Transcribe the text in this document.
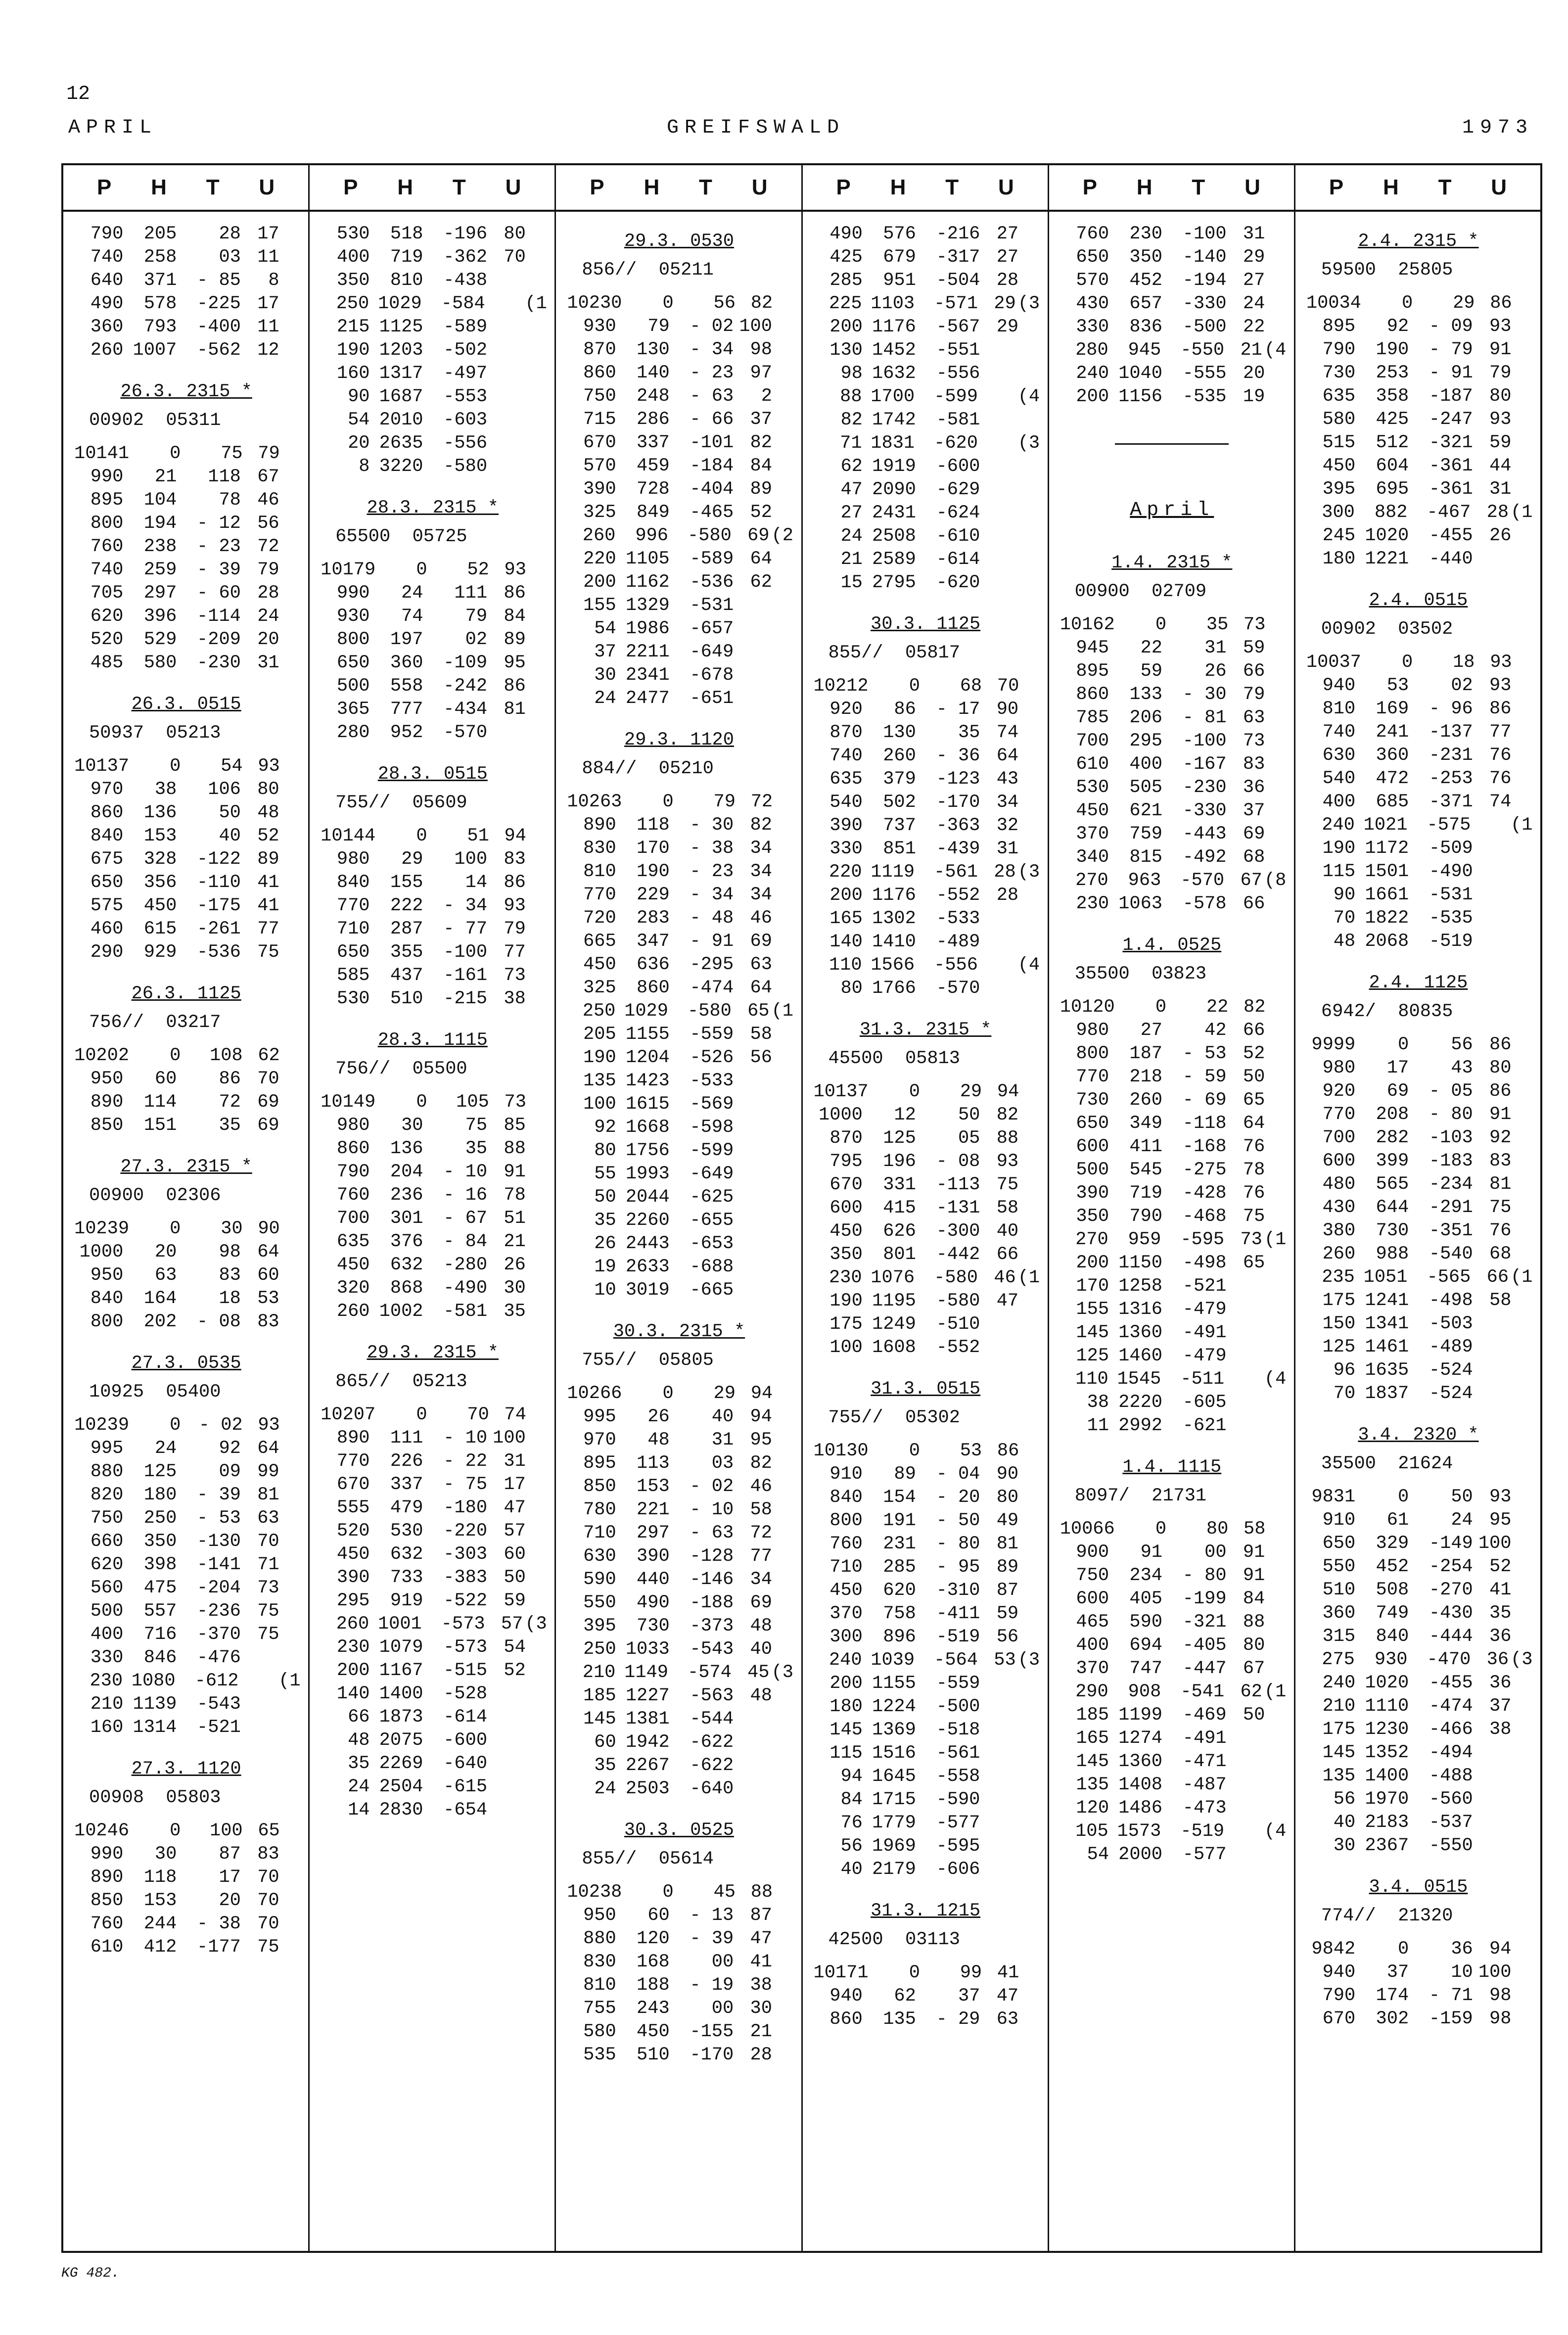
12
APRIL	GREIFSWALD	1973
P H T U
790	205	28 17
740	258	03 11
640	371	- 85	8
490	578	-225 17
360	793	-400 11
260 1007	-562 12
26.3. 2315 *
00902  05311
10141	0	75 79
990	21	118 67
895	104	78 46
800	194	- 12 56
760	238	- 23 72
740	259	- 39 79
705	297	- 60 28
620	396	-114 24
520	529	-209 20
485	580	-230 31
26.3. 0515
50937  05213
10137	0	54 93
970	38	106 80
860	136	50 48
840	153	40 52
675	328	-122 89
650	356	-110 41
575	450	-175 41
460	615	-261 77
290	929	-536 75
26.3. 1125
756//  03217
10202	0	108 62
950	60	86 70
890	114	72 69
850	151	35 69
27.3. 2315 *
00900  02306
10239	0	30 90
1000	20	98 64
950	63	83 60
840	164	18 53
800	202	- 08 83
27.3. 0535
10925  05400
10239	0 - 02 93
995	24	92 64
880	125	09 99
820	180	- 39 81
750	250	- 53 63
660	350	-130 70
620	398	-141 71
560	475	-204 73
500	557	-236 75
400	716	-370 75
330	846	-476
230 1080	-612 (1
210 1139	-543
160 1314	-521
27.3. 1120
00908  05803
10246	0	100 65
990	30	87 83
890	118	17 70
850	153	20 70
760	244	- 38 70
610	412	-177 75
P H T U
530	518	-196 80
400	719	-362 70
350	810	-438
250 1029	-584 (1
215 1125	-589
190 1203	-502
160 1317	-497
90 1687	-553
54 2010	-603
20 2635	-556
8 3220	-580
28.3. 2315 *
65500  05725
10179	0	52 93
990	24	111 86
930	74	79 84
800	197	02 89
650	360	-109 95
500	558	-242 86
365	777	-434 81
280	952	-570
28.3. 0515
755//  05609
10144	0	51 94
980	29	100 83
840	155	14 86
770	222	- 34 93
710	287	- 77 79
650	355	-100 77
585	437	-161 73
530	510	-215 38
28.3. 1115
756//  05500
10149	0	105 73
980	30	75 85
860	136	35 88
790	204	- 10 91
760	236	- 16 78
700	301	- 67 51
635	376	- 84 21
450	632	-280 26
320	868	-490 30
260 1002	-581 35
29.3. 2315 *
865//  05213
10207	0	70 74
890	111	- 10 100
770	226	- 22 31
670	337	- 75 17
555	479	-180 47
520	530	-220 57
450	632	-303 60
390	733	-383 50
295	919	-522 59
260 1001	-573 57 (3
230 1079	-573 54
200 1167	-515 52
140 1400	-528
66 1873	-614
48 2075	-600
35 2269	-640
24 2504	-615
14 2830	-654
P H T U
29.3. 0530
856//  05211
10230	0	56 82
930	79	- 02 100
870	130	- 34 98
860	140	- 23 97
750	248	- 63	2
715	286	- 66 37
670	337	-101 82
570	459	-184 84
390	728	-404 89
325	849	-465 52
260	996	-580 69 (2
220 1105	-589 64
200 1162	-536 62
155 1329	-531
54 1986	-657
37 2211	-649
30 2341	-678
24 2477	-651
29.3. 1120
884//  05210
10263	0	79 72
890	118	- 30 82
830	170	- 38 34
810	190	- 23 34
770	229	- 34 34
720	283	- 48 46
665	347	- 91 69
450	636	-295 63
325	860	-474 64
250 1029	-580 65 (1
205 1155	-559 58
190 1204	-526 56
135 1423	-533
100 1615	-569
92 1668	-598
80 1756	-599
55 1993	-649
50 2044	-625
35 2260	-655
26 2443	-653
19 2633	-688
10 3019	-665
30.3. 2315 *
755//  05805
10266	0	29 94
995	26	40 94
970	48	31 95
895	113	03 82
850	153	- 02 46
780	221	- 10 58
710	297	- 63 72
630	390	-128 77
590	440	-146 34
550	490	-188 69
395	730	-373 48
250 1033	-543 40
210 1149	-574 45 (3
185 1227	-563 48
145 1381	-544
60 1942	-622
35 2267	-622
24 2503	-640
30.3. 0525
855//  05614
10238	0	45 88
950	60	- 13 87
880	120	- 39 47
830	168	00 41
810	188	- 19 38
755	243	00 30
580	450	-155 21
535	510	-170 28
P H T U
490	576	-216 27
425	679	-317 27
285	951	-504 28
225 1103	-571 29 (3
200 1176	-567 29
130 1452	-551
98 1632	-556
88 1700	-599 (4
82 1742	-581
71 1831	-620 (3
62 1919	-600
47 2090	-629
27 2431	-624
24 2508	-610
21 2589	-614
15 2795	-620
30.3. 1125
855//  05817
10212	0	68 70
920	86	- 17 90
870	130	35 74
740	260	- 36 64
635	379	-123 43
540	502	-170 34
390	737	-363 32
330	851	-439 31
220 1119	-561 28 (3
200 1176	-552 28
165 1302	-533
140 1410	-489
110 1566	-556 (4
80 1766	-570
31.3. 2315 *
45500  05813
10137	0	29 94
1000	12	50 82
870	125	05 88
795	196	- 08 93
670	331	-113 75
600	415	-131 58
450	626	-300 40
350	801	-442 66
230 1076	-580 46 (1
190 1195	-580 47
175 1249	-510
100 1608	-552
31.3. 0515
755//  05302
10130	0	53 86
910	89	- 04 90
840	154	- 20 80
800	191	- 50 49
760	231	- 80 81
710	285	- 95 89
450	620	-310 87
370	758	-411 59
300	896	-519 56
240 1039	-564 53 (3
200 1155	-559
180 1224	-500
145 1369	-518
115 1516	-561
94 1645	-558
84 1715	-590
76 1779	-577
56 1969	-595
40 2179	-606
31.3. 1215
42500  03113
10171	0	99 41
940	62	37 47
860	135	- 29 63
P H T U
760	230	-100 31
650	350	-140 29
570	452	-194 27
430	657	-330 24
330	836	-500 22
280	945	-550 21 (4
240 1040	-555 20
200 1156	-535 19
April
1.4. 2315 *
00900  02709
10162	0	35 73
945	22	31 59
895	59	26 66
860	133	- 30 79
785	206	- 81 63
700	295	-100 73
610	400	-167 83
530	505	-230 36
450	621	-330 37
370	759	-443 69
340	815	-492 68
270	963	-570 67 (8
230 1063	-578 66
1.4. 0525
35500  03823
10120	0	22 82
980	27	42 66
800	187	- 53 52
770	218	- 59 50
730	260	- 69 65
650	349	-118 64
600	411	-168 76
500	545	-275 78
390	719	-428 76
350	790	-468 75
270	959	-595 73 (1
200 1150	-498 65
170 1258	-521
155 1316	-479
145 1360	-491
125 1460	-479
110 1545	-511 (4
38 2220	-605
11 2992	-621
1.4. 1115
8097/  21731
10066	0	80 58
900	91	00 91
750	234	- 80 91
600	405	-199 84
465	590	-321 88
400	694	-405 80
370	747	-447 67
290	908	-541 62 (1
185 1199	-469 50
165 1274	-491
145 1360	-471
135 1408	-487
120 1486	-473
105 1573	-519 (4
54 2000	-577
P H T U
2.4. 2315 *
59500  25805
10034	0	29 86
895	92	- 09 93
790	190	- 79 91
730	253	- 91 79
635	358	-187 80
580	425	-247 93
515	512	-321 59
450	604	-361 44
395	695	-361 31
300	882	-467 28 (1
245 1020	-455 26
180 1221	-440
2.4. 0515
00902  03502
10037	0	18 93
940	53	02 93
810	169	- 96 86
740	241	-137 77
630	360	-231 76
540	472	-253 76
400	685	-371 74
240 1021	-575 (1
190 1172	-509
115 1501	-490
90 1661	-531
70 1822	-535
48 2068	-519
2.4. 1125
6942/  80835
9999	0	56 86
980	17	43 80
920	69	- 05 86
770	208	- 80 91
700	282	-103 92
600	399	-183 83
480	565	-234 81
430	644	-291 75
380	730	-351 76
260	988	-540 68
235 1051	-565 66 (1
175 1241	-498 58
150 1341	-503
125 1461	-489
96 1635	-524
70 1837	-524
3.4. 2320 *
35500  21624
9831	0	50 93
910	61	24 95
650	329	-149 100
550	452	-254 52
510	508	-270 41
360	749	-430 35
315	840	-444 36
275	930	-470 36 (3
240 1020	-455 36
210 1110	-474 37
175 1230	-466 38
145 1352	-494
135 1400	-488
56 1970	-560
40 2183	-537
30 2367	-550
3.4. 0515
774//  21320
9842	0	36 94
940	37	10 100
790	174	- 71 98
670	302	-159 98
KG 482.
